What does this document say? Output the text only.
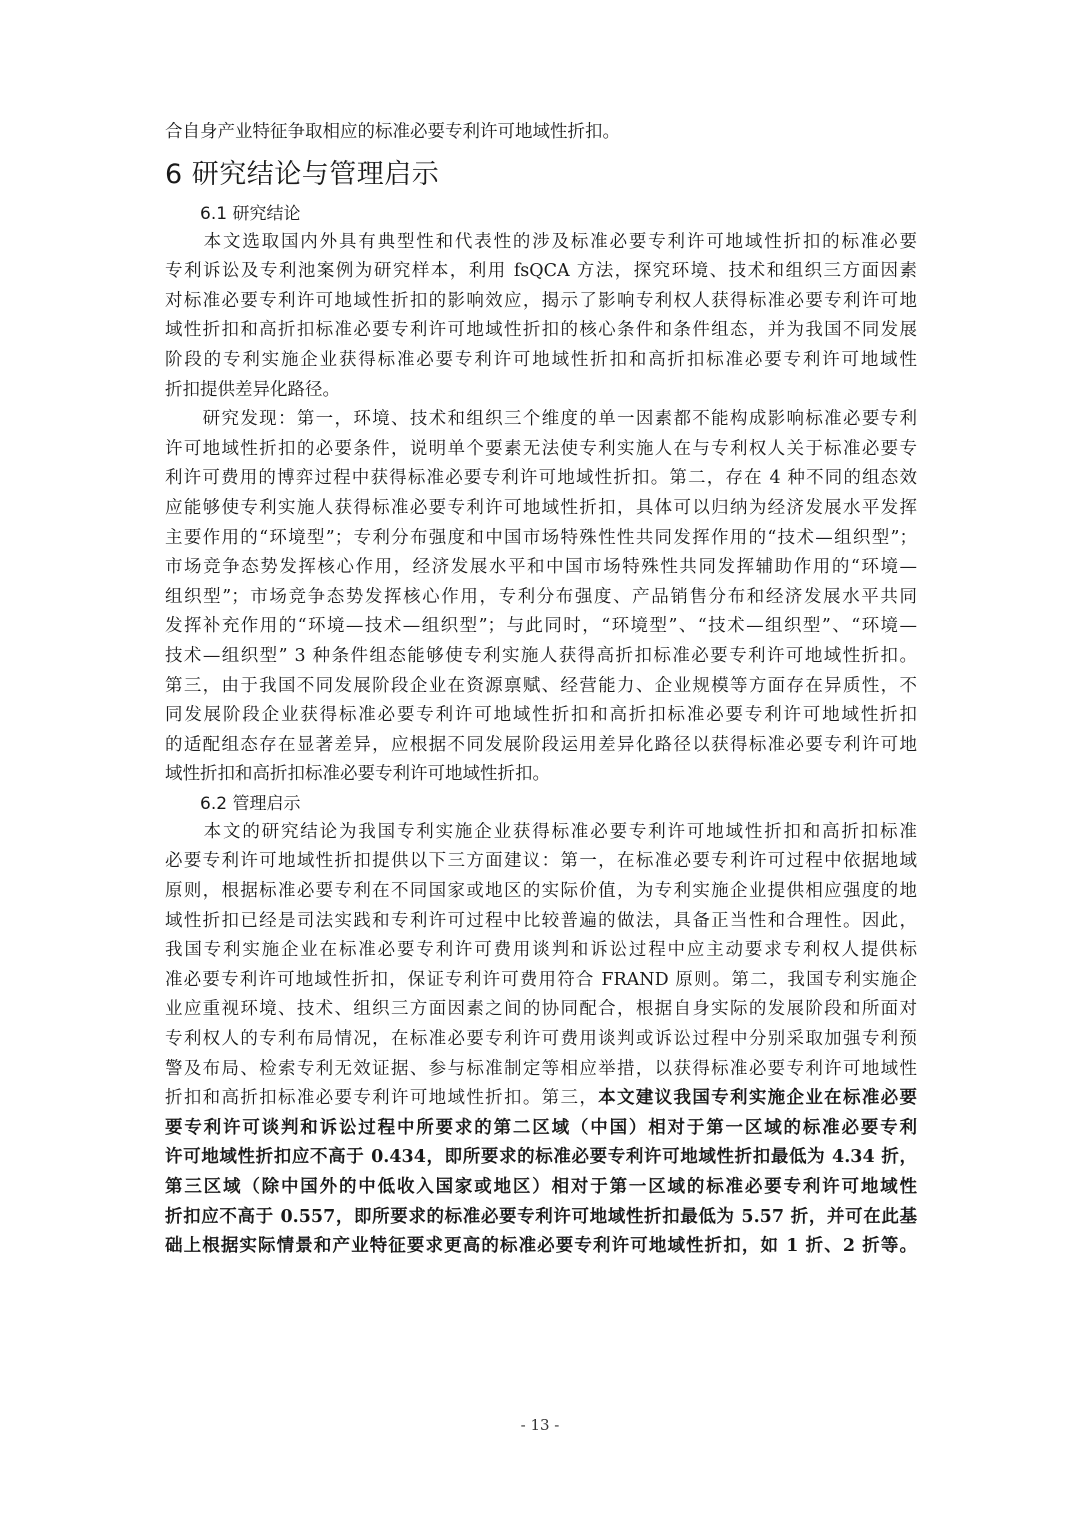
合自身产业特征争取相应的标准必要专利许可地域性折扣。
6 研究结论与管理启示
6.1 研究结论
　　本文选取国内外具有典型性和代表性的涉及标准必要专利许可地域性折扣的标准必要
专利诉讼及专利池案例为研究样本，利用 fsQCA 方法，探究环境、技术和组织三方面因素
对标准必要专利许可地域性折扣的影响效应，揭示了影响专利权人获得标准必要专利许可地
域性折扣和高折扣标准必要专利许可地域性折扣的核心条件和条件组态，并为我国不同发展
阶段的专利实施企业获得标准必要专利许可地域性折扣和高折扣标准必要专利许可地域性
折扣提供差异化路径。
　　研究发现：第一，环境、技术和组织三个维度的单一因素都不能构成影响标准必要专利
许可地域性折扣的必要条件，说明单个要素无法使专利实施人在与专利权人关于标准必要专
利许可费用的博弈过程中获得标准必要专利许可地域性折扣。第二，存在 4 种不同的组态效
应能够使专利实施人获得标准必要专利许可地域性折扣，具体可以归纳为经济发展水平发挥
主要作用的“环境型”；专利分布强度和中国市场特殊性性共同发挥作用的“技术—组织型”；
市场竞争态势发挥核心作用，经济发展水平和中国市场特殊性共同发挥辅助作用的“环境—
组织型”；市场竞争态势发挥核心作用，专利分布强度、产品销售分布和经济发展水平共同
发挥补充作用的“环境—技术—组织型”；与此同时，“环境型”、“技术—组织型”、“环境—
技术—组织型” 3 种条件组态能够使专利实施人获得高折扣标准必要专利许可地域性折扣。
第三，由于我国不同发展阶段企业在资源禀赋、经营能力、企业规模等方面存在异质性，不
同发展阶段企业获得标准必要专利许可地域性折扣和高折扣标准必要专利许可地域性折扣
的适配组态存在显著差异，应根据不同发展阶段运用差异化路径以获得标准必要专利许可地
域性折扣和高折扣标准必要专利许可地域性折扣。
6.2 管理启示
　　本文的研究结论为我国专利实施企业获得标准必要专利许可地域性折扣和高折扣标准
必要专利许可地域性折扣提供以下三方面建议：第一，在标准必要专利许可过程中依据地域
原则，根据标准必要专利在不同国家或地区的实际价值，为专利实施企业提供相应强度的地
域性折扣已经是司法实践和专利许可过程中比较普遍的做法，具备正当性和合理性。因此，
我国专利实施企业在标准必要专利许可费用谈判和诉讼过程中应主动要求专利权人提供标
准必要专利许可地域性折扣，保证专利许可费用符合 FRAND 原则。第二，我国专利实施企
业应重视环境、技术、组织三方面因素之间的协同配合，根据自身实际的发展阶段和所面对
专利权人的专利布局情况，在标准必要专利许可费用谈判或诉讼过程中分别采取加强专利预
警及布局、检索专利无效证据、参与标准制定等相应举措，以获得标准必要专利许可地域性
折扣和高折扣标准必要专利许可地域性折扣。第三，本文建议我国专利实施企业在标准必要
要专利许可谈判和诉讼过程中所要求的第二区域（中国）相对于第一区域的标准必要专利
许可地域性折扣应不高于 0.434，即所要求的标准必要专利许可地域性折扣最低为 4.34 折，
第三区域（除中国外的中低收入国家或地区）相对于第一区域的标准必要专利许可地域性
折扣应不高于 0.557，即所要求的标准必要专利许可地域性折扣最低为 5.57 折，并可在此基
础上根据实际情景和产业特征要求更高的标准必要专利许可地域性折扣，如 1 折、2 折等。
- 13 -
